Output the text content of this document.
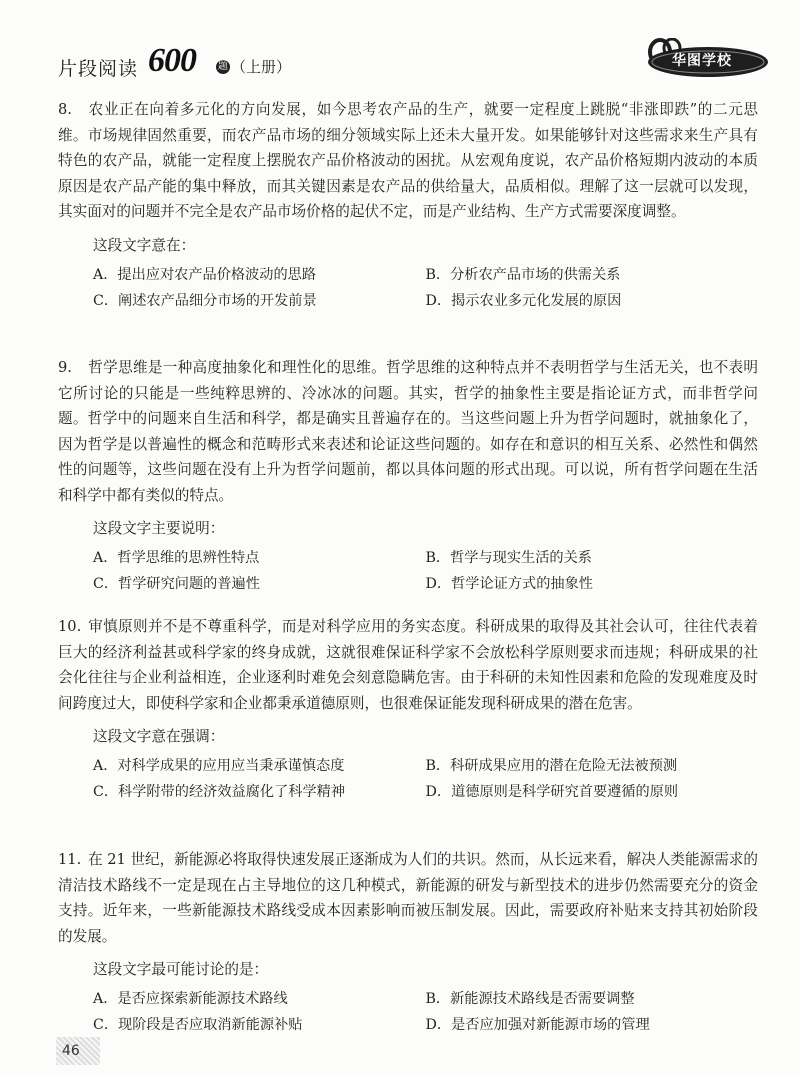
片段阅读 600 题 （上册）	华图学校
8. 农业正在向着多元化的方向发展，如今思考农产品的生产，就要一定程度上跳脱“非涨即跌”的二元思维。市场规律固然重要，而农产品市场的细分领域实际上还未大量开发。如果能够针对这些需求来生产具有特色的农产品，就能一定程度上摆脱农产品价格波动的困扰。从宏观角度说，农产品价格短期内波动的本质原因是农产品产能的集中释放，而其关键因素是农产品的供给量大，品质相似。理解了这一层就可以发现，其实面对的问题并不完全是农产品市场价格的起伏不定，而是产业结构、生产方式需要深度调整。
这段文字意在：
A．提出应对农产品价格波动的思路	B．分析农产品市场的供需关系
C．阐述农产品细分市场的开发前景	D．揭示农业多元化发展的原因
9. 哲学思维是一种高度抽象化和理性化的思维。哲学思维的这种特点并不表明哲学与生活无关，也不表明它所讨论的只能是一些纯粹思辨的、冷冰冰的问题。其实，哲学的抽象性主要是指论证方式，而非哲学问题。哲学中的问题来自生活和科学，都是确实且普遍存在的。当这些问题上升为哲学问题时，就抽象化了，因为哲学是以普遍性的概念和范畴形式来表述和论证这些问题的。如存在和意识的相互关系、必然性和偶然性的问题等，这些问题在没有上升为哲学问题前，都以具体问题的形式出现。可以说，所有哲学问题在生活和科学中都有类似的特点。
这段文字主要说明：
A．哲学思维的思辨性特点	B．哲学与现实生活的关系
C．哲学研究问题的普遍性	D．哲学论证方式的抽象性
10. 审慎原则并不是不尊重科学，而是对科学应用的务实态度。科研成果的取得及其社会认可，往往代表着巨大的经济利益甚或科学家的终身成就，这就很难保证科学家不会放松科学原则要求而违规；科研成果的社会化往往与企业利益相连，企业逐利时难免会刻意隐瞒危害。由于科研的未知性因素和危险的发现难度及时间跨度过大，即使科学家和企业都秉承道德原则，也很难保证能发现科研成果的潜在危害。
这段文字意在强调：
A．对科学成果的应用应当秉承谨慎态度	B．科研成果应用的潜在危险无法被预测
C．科学附带的经济效益腐化了科学精神	D．道德原则是科学研究首要遵循的原则
11. 在 21 世纪，新能源必将取得快速发展正逐渐成为人们的共识。然而，从长远来看，解决人类能源需求的清洁技术路线不一定是现在占主导地位的这几种模式，新能源的研发与新型技术的进步仍然需要充分的资金支持。近年来，一些新能源技术路线受成本因素影响而被压制发展。因此，需要政府补贴来支持其初始阶段的发展。
这段文字最可能讨论的是：
A．是否应探索新能源技术路线	B．新能源技术路线是否需要调整
C．现阶段是否应取消新能源补贴	D．是否应加强对新能源市场的管理
46
